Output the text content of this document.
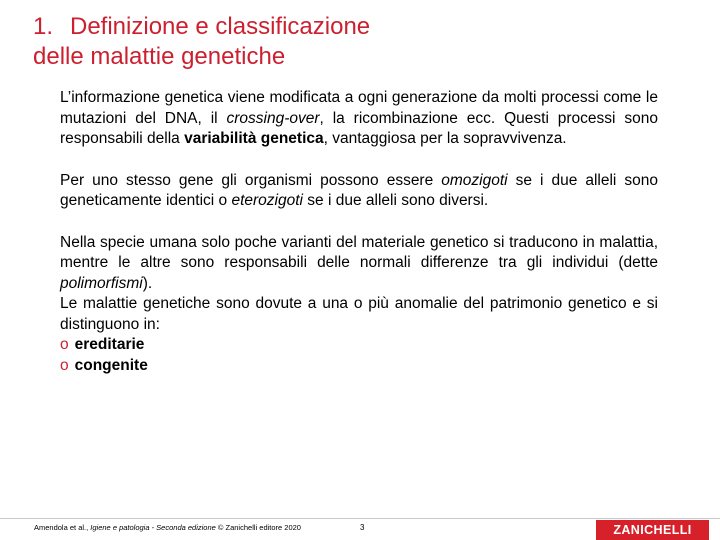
1. Definizione e classificazione
delle malattie genetiche

L’informazione genetica viene modificata a ogni generazione da molti processi come le mutazioni del DNA, il crossing-over, la ricombinazione ecc. Questi processi sono responsabili della variabilità genetica, vantaggiosa per la sopravvivenza.

Per uno stesso gene gli organismi possono essere omozigoti se i due alleli sono geneticamente identici o eterozigoti se i due alleli sono diversi.

Nella specie umana solo poche varianti del materiale genetico si traducono in malattia, mentre le altre sono responsabili delle normali differenze tra gli individui (dette polimorfismi).

Le malattie genetiche sono dovute a una o più anomalie del patrimonio genetico e si distinguono in:

o ereditarie

o congenite

Amendola et al., Igiene e patologia - Seconda edizione © Zanichelli editore 2020	3	ZANICHELLI
